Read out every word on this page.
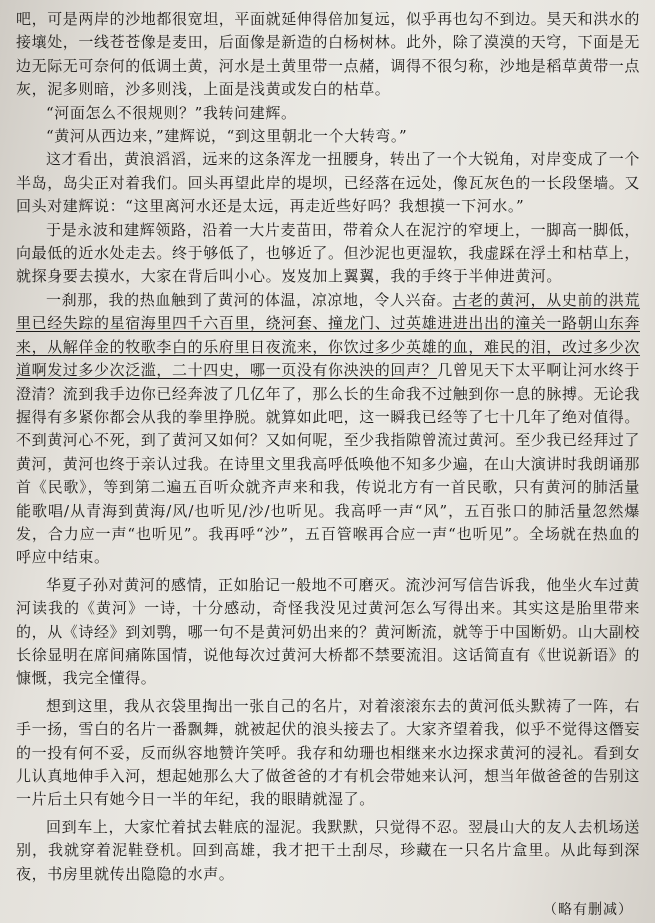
吧，可是两岸的沙地都很宽坦，平面就延伸得倍加复远，似乎再也勾不到边。昊天和洪水的接壤处，一线苍苍像是麦田，后面像是新造的白杨树林。此外，除了漠漠的天穹，下面是无边无际无可奈何的低调土黄，河水是土黄里带一点赭，调得不很匀称，沙地是稻草黄带一点灰，泥多则暗，沙多则浅，上面是浅黄或发白的枯草。

“河面怎么不很规则？”我转问建辉。

“黄河从西边来，”建辉说，“到这里朝北一个大转弯。”

这才看出，黄浪滔滔，远来的这条浑龙一扭腰身，转出了一个大锐角，对岸变成了一个半岛，岛尖正对着我们。回头再望此岸的堤坝，已经落在远处，像瓦灰色的一长段堡墙。又回头对建辉说：“这里离河水还是太远，再走近些好吗？我想摸一下河水。”

于是永波和建辉领路，沿着一大片麦苗田，带着众人在泥泞的窄埂上，一脚高一脚低，向最低的近水处走去。终于够低了，也够近了。但沙泥也更湿软，我虚踩在浮土和枯草上，就探身要去摸水，大家在背后叫小心。岌岌加上翼翼，我的手终于半伸进黄河。

一刹那，我的热血触到了黄河的体温，凉凉地，令人兴奋。古老的黄河，从史前的洪荒里已经失踪的星宿海里四千六百里，绕河套、撞龙门、过英雄进进出出的潼关一路朝山东奔来，从解佯金的牧歌李白的乐府里日夜流来，你饮过多少英雄的血，难民的泪，改过多少次道啊发过多少次泛滥，二十四史，哪一页没有你泱泱的回声？几曾见天下太平啊让河水终于澄清？流到我手边你已经奔波了几亿年了，那么长的生命我不过触到你一息的脉搏。无论我握得有多紧你都会从我的拳里挣脱。就算如此吧，这一瞬我已经等了七十几年了绝对值得。不到黄河心不死，到了黄河又如何？又如何呢，至少我指隙曾流过黄河。至少我已经拜过了黄河，黄河也终于亲认过我。在诗里文里我高呼低唤他不知多少遍，在山大演讲时我朗诵那首《民歌》，等到第二遍五百听众就齐声来和我，传说北方有一首民歌，只有黄河的肺活量能歌唱/从青海到黄海/风/也听见/沙/也听见。我高呼一声“风”，五百张口的肺活量忽然爆发，合力应一声“也听见”。我再呼“沙”，五百管喉再合应一声“也听见”。全场就在热血的呼应中结束。

华夏子孙对黄河的感情，正如胎记一般地不可磨灭。流沙河写信告诉我，他坐火车过黄河读我的《黄河》一诗，十分感动，奇怪我没见过黄河怎么写得出来。其实这是胎里带来的，从《诗经》到刘鹗，哪一句不是黄河奶出来的？黄河断流，就等于中国断奶。山大副校长徐显明在席间痛陈国情，说他每次过黄河大桥都不禁要流泪。这话简直有《世说新语》的慷慨，我完全懂得。

想到这里，我从衣袋里掏出一张自己的名片，对着滚滚东去的黄河低头默祷了一阵，右手一扬，雪白的名片一番飘舞，就被起伏的浪头接去了。大家齐望着我，似乎不觉得这僭妄的一投有何不妥，反而纵容地赞许笑呼。我存和幼珊也相继来水边探求黄河的浸礼。看到女儿认真地伸手入河，想起她那么大了做爸爸的才有机会带她来认河，想当年做爸爸的告别这一片后土只有她今日一半的年纪，我的眼睛就湿了。

回到车上，大家忙着拭去鞋底的湿泥。我默默，只觉得不忍。翌晨山大的友人去机场送别，我就穿着泥鞋登机。回到高雄，我才把干土刮尽，珍藏在一只名片盒里。从此每到深夜，书房里就传出隐隐的水声。

（略有删减）
